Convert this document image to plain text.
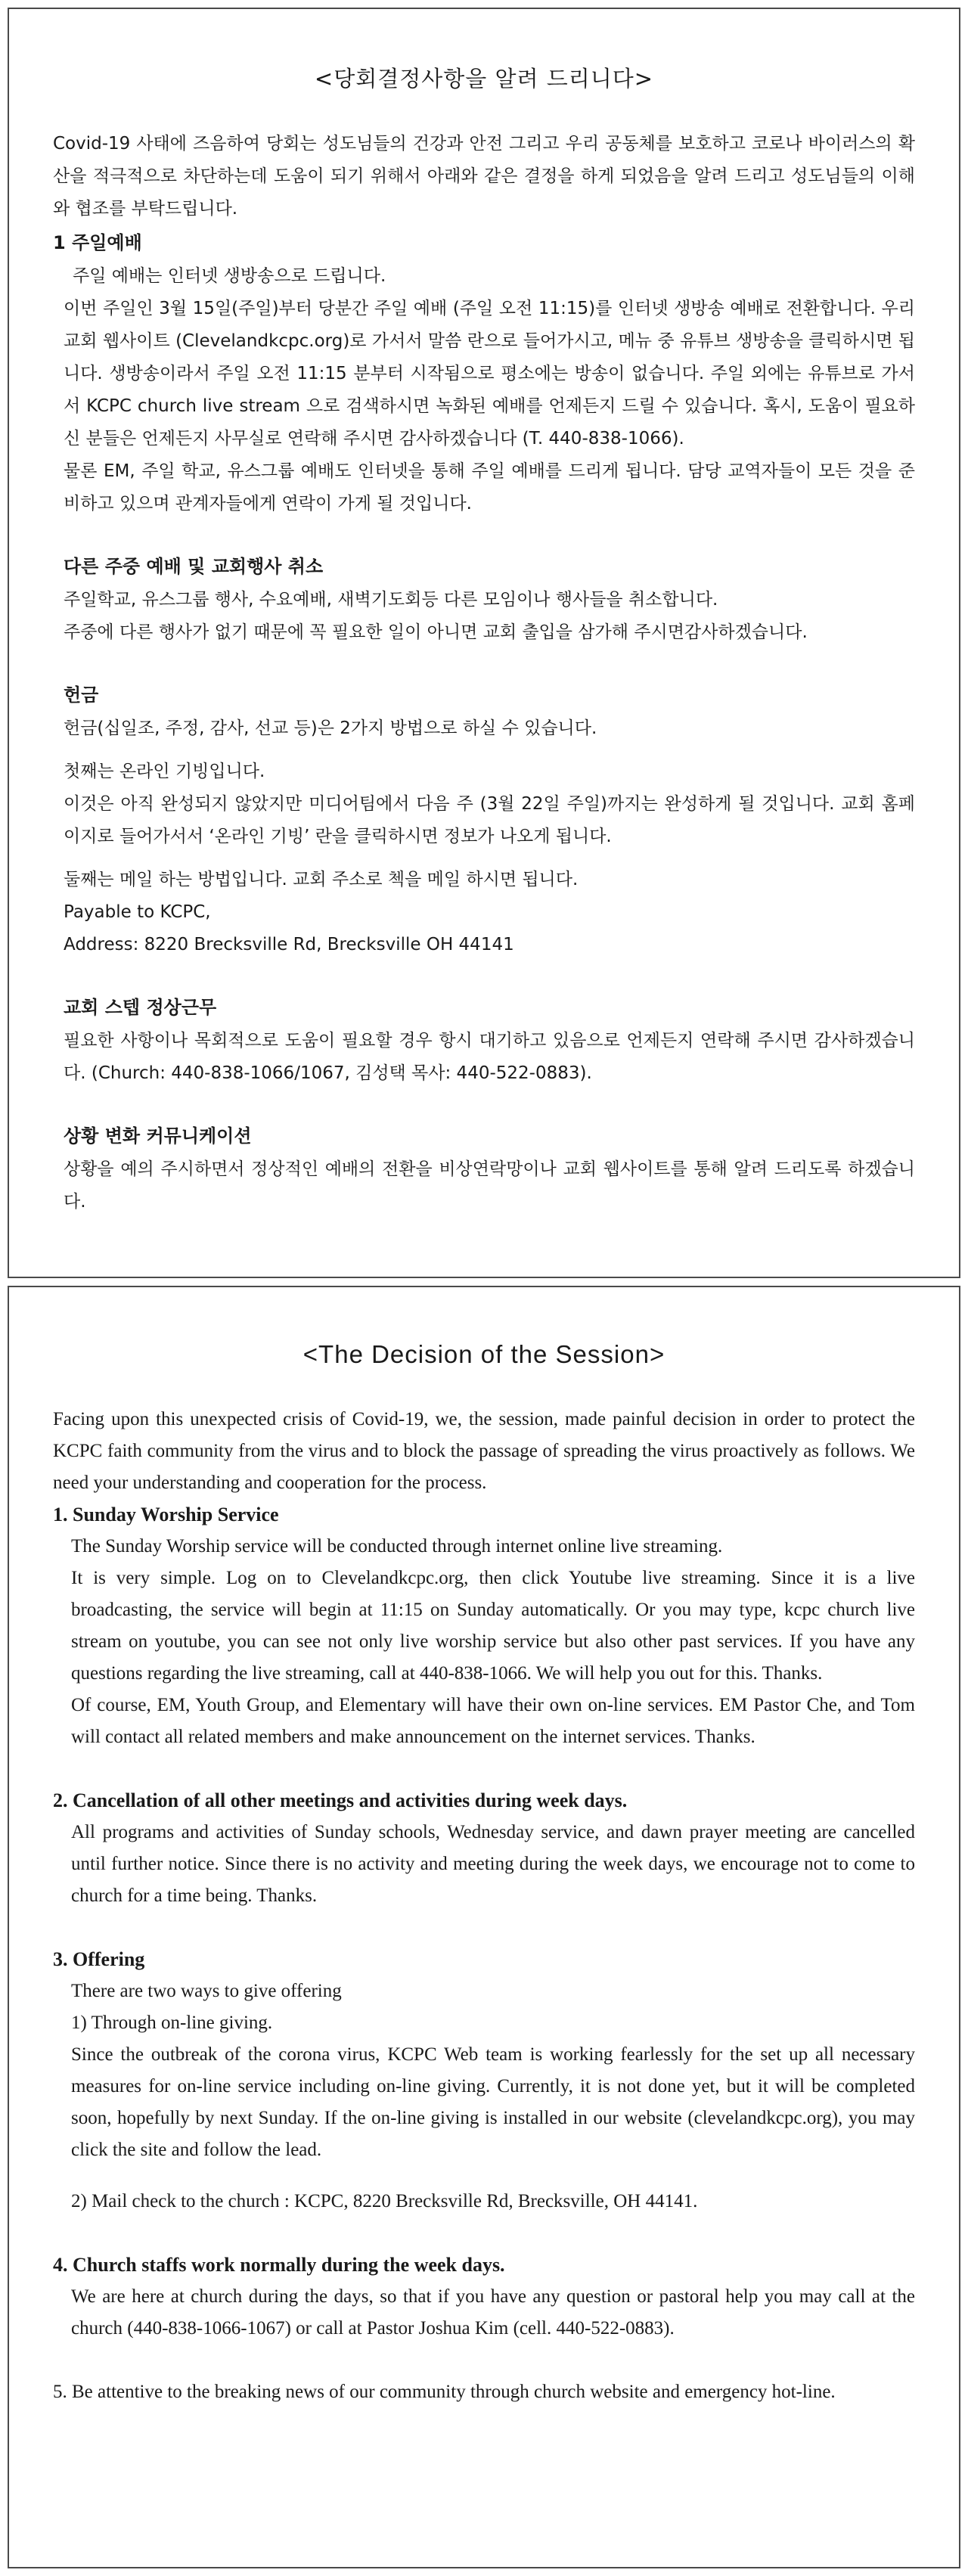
<당회결정사항을 알려 드리니다>

Covid-19 사태에 즈음하여 당회는 성도님들의 건강과 안전 그리고 우리 공동체를 보호하고 코로나 바이러스의 확산을 적극적으로 차단하는데 도움이 되기 위해서 아래와 같은 결정을 하게 되었음을 알려 드리고 성도님들의 이해와 협조를 부탁드립니다.

1 주일예배

주일 예배는 인터넷 생방송으로 드립니다.

이번 주일인 3월 15일(주일)부터 당분간 주일 예배 (주일 오전 11:15)를 인터넷 생방송 예배로 전환합니다. 우리 교회 웹사이트 (Clevelandkcpc.org)로 가서서 말씀 란으로 들어가시고, 메뉴 중 유튜브 생방송을 클릭하시면 됩니다. 생방송이라서 주일 오전 11:15 분부터 시작됨으로 평소에는 방송이 없습니다. 주일 외에는 유튜브로 가서서 KCPC church live stream 으로 검색하시면 녹화된 예배를 언제든지 드릴 수 있습니다. 혹시, 도움이 필요하신 분들은 언제든지 사무실로 연락해 주시면 감사하겠습니다 (T. 440-838-1066).

물론 EM, 주일 학교, 유스그룹 예배도 인터넷을 통해 주일 예배를 드리게 됩니다. 담당 교역자들이 모든 것을 준비하고 있으며 관계자들에게 연락이 가게 될 것입니다.

다른 주중 예배 및 교회행사 취소

주일학교, 유스그룹 행사, 수요예배, 새벽기도회등 다른 모임이나 행사들을 취소합니다.

주중에 다른 행사가 없기 때문에 꼭 필요한 일이 아니면 교회 출입을 삼가해 주시면감사하겠습니다.

헌금

헌금(십일조, 주정, 감사, 선교 등)은 2가지 방법으로 하실 수 있습니다.

첫째는 온라인 기빙입니다.

이것은 아직 완성되지 않았지만 미디어팀에서 다음 주 (3월 22일 주일)까지는 완성하게 될 것입니다. 교회 홈페이지로 들어가서서 ‘온라인 기빙’ 란을 클릭하시면 정보가 나오게 됩니다.

둘째는 메일 하는 방법입니다. 교회 주소로 첵을 메일 하시면 됩니다.

Payable to KCPC,

Address: 8220 Brecksville Rd, Brecksville OH 44141

교회 스텝 정상근무

필요한 사항이나 목회적으로 도움이 필요할 경우 항시 대기하고 있음으로 언제든지 연락해 주시면 감사하겠습니다. (Church: 440-838-1066/1067, 김성택 목사: 440-522-0883).

상황 변화 커뮤니케이션

상황을 예의 주시하면서 정상적인 예배의 전환을 비상연락망이나 교회 웹사이트를 통해 알려 드리도록 하겠습니다.

<The Decision of the Session>

Facing upon this unexpected crisis of Covid-19, we, the session, made painful decision in order to protect the KCPC faith community from the virus and to block the passage of spreading the virus proactively as follows. We need your understanding and cooperation for the process.

1. Sunday Worship Service

The Sunday Worship service will be conducted through internet online live streaming.

It is very simple. Log on to Clevelandkcpc.org, then click Youtube live streaming. Since it is a live broadcasting, the service will begin at 11:15 on Sunday automatically. Or you may type, kcpc church live stream on youtube, you can see not only live worship service but also other past services. If you have any questions regarding the live streaming, call at 440-838-1066. We will help you out for this. Thanks.

Of course, EM, Youth Group, and Elementary will have their own on-line services. EM Pastor Che, and Tom will contact all related members and make announcement on the internet services. Thanks.

2. Cancellation of all other meetings and activities during week days.

All programs and activities of Sunday schools, Wednesday service, and dawn prayer meeting are cancelled until further notice. Since there is no activity and meeting during the week days, we encourage not to come to church for a time being. Thanks.

3. Offering

There are two ways to give offering

1) Through on-line giving.

Since the outbreak of the corona virus, KCPC Web team is working fearlessly for the set up all necessary measures for on-line service including on-line giving. Currently, it is not done yet, but it will be completed soon, hopefully by next Sunday. If the on-line giving is installed in our website (clevelandkcpc.org), you may click the site and follow the lead.

2) Mail check to the church : KCPC, 8220 Brecksville Rd, Brecksville, OH 44141.

4. Church staffs work normally during the week days.

We are here at church during the days, so that if you have any question or pastoral help you may call at the church (440-838-1066-1067) or call at Pastor Joshua Kim (cell. 440-522-0883).

5. Be attentive to the breaking news of our community through church website and emergency hot-line.
